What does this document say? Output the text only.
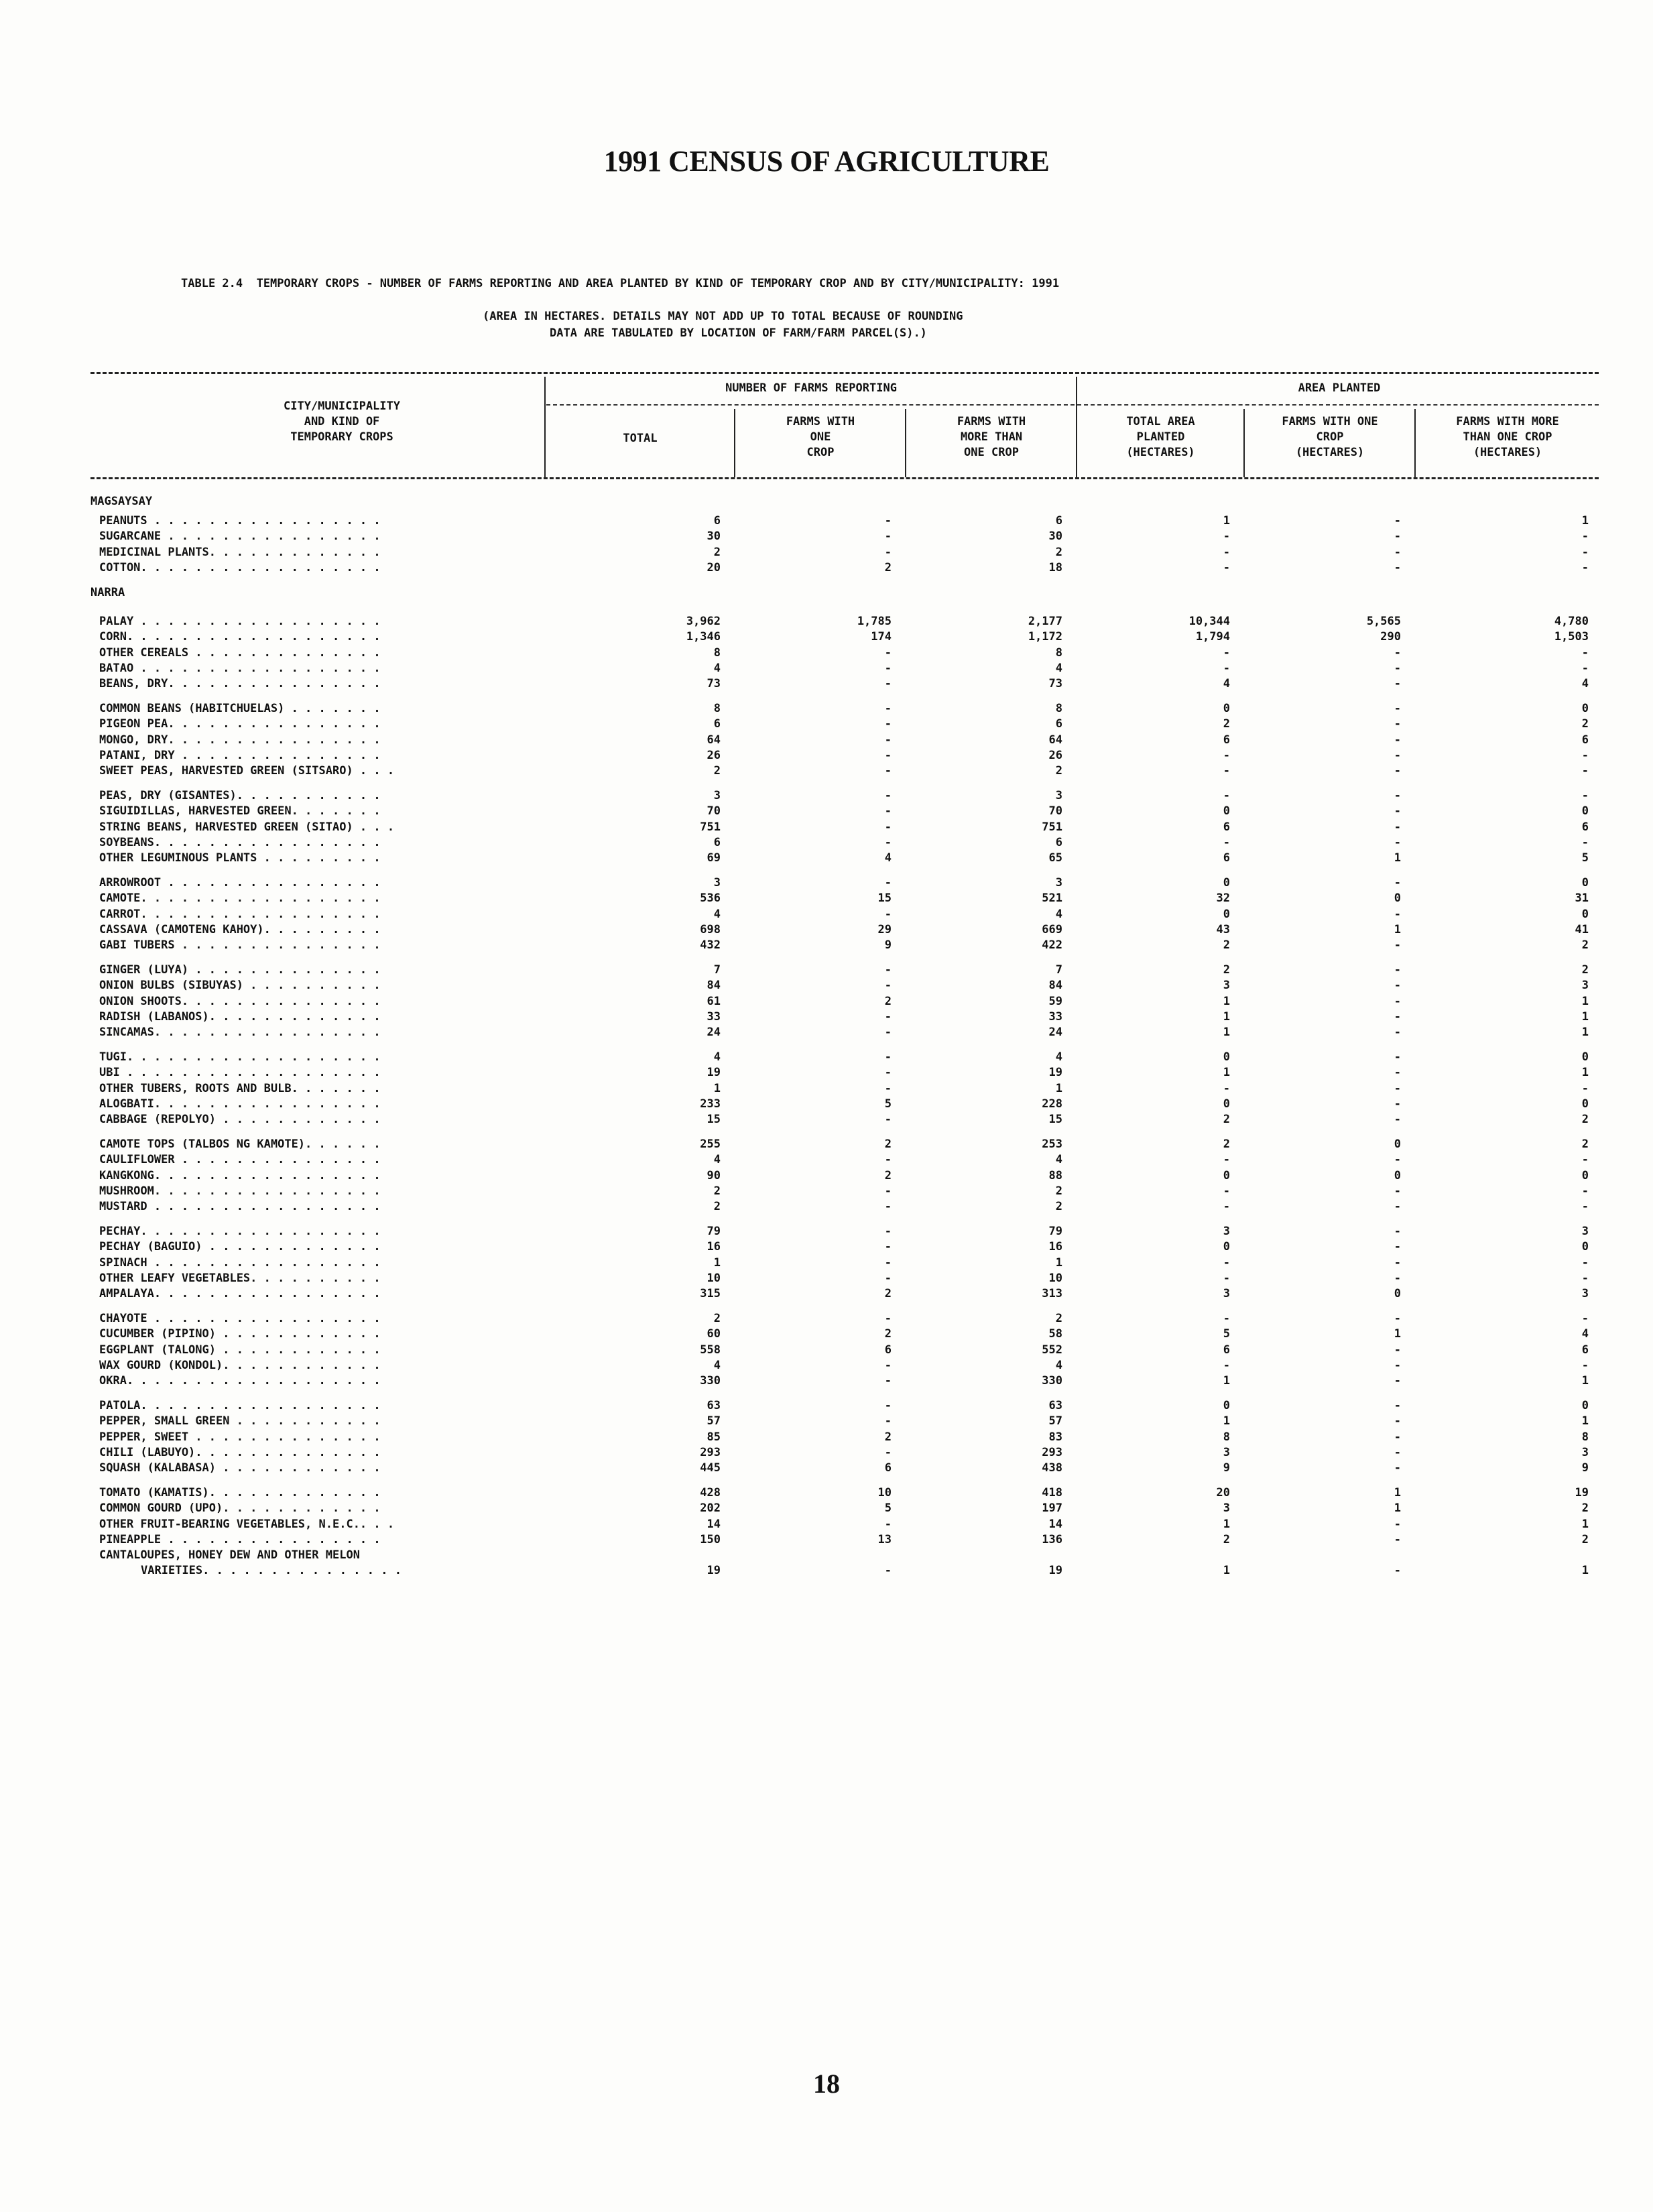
1991 CENSUS OF AGRICULTURE
TABLE 2.4  TEMPORARY CROPS - NUMBER OF FARMS REPORTING AND AREA PLANTED BY KIND OF TEMPORARY CROP AND BY CITY/MUNICIPALITY: 1991
(AREA IN HECTARES. DETAILS MAY NOT ADD UP TO TOTAL BECAUSE OF ROUNDING
DATA ARE TABULATED BY LOCATION OF FARM/FARM PARCEL(S).)
CITY/MUNICIPALITY
AND KIND OF
TEMPORARY CROPS
NUMBER OF FARMS REPORTING	AREA PLANTED
TOTAL
FARMS WITH
ONE
CROP
FARMS WITH
MORE THAN
ONE CROP
TOTAL AREA
PLANTED
(HECTARES)
FARMS WITH ONE
CROP
(HECTARES)
FARMS WITH MORE
THAN ONE CROP
(HECTARES)
MAGSAYSAY
PEANUTS . . . . . . . . . . . . . . . . .	6	-	6	1	-	1
SUGARCANE . . . . . . . . . . . . . . . .	30	-	30	-	-	-
MEDICINAL PLANTS. . . . . . . . . . . . .	2	-	2	-	-	-
COTTON. . . . . . . . . . . . . . . . . .	20	2	18	-	-	-
NARRA
PALAY . . . . . . . . . . . . . . . . . .	3,962	1,785	2,177	10,344	5,565	4,780
CORN. . . . . . . . . . . . . . . . . . .	1,346	174	1,172	1,794	290	1,503
OTHER CEREALS . . . . . . . . . . . . . .	8	-	8	-	-	-
BATAO . . . . . . . . . . . . . . . . . .	4	-	4	-	-	-
BEANS, DRY. . . . . . . . . . . . . . . .	73	-	73	4	-	4
COMMON BEANS (HABITCHUELAS) . . . . . . .	8	-	8	0	-	0
PIGEON PEA. . . . . . . . . . . . . . . .	6	-	6	2	-	2
MONGO, DRY. . . . . . . . . . . . . . . .	64	-	64	6	-	6
PATANI, DRY . . . . . . . . . . . . . . .	26	-	26	-	-	-
SWEET PEAS, HARVESTED GREEN (SITSARO) . . .	2	-	2	-	-	-
PEAS, DRY (GISANTES). . . . . . . . . . .	3	-	3	-	-	-
SIGUIDILLAS, HARVESTED GREEN. . . . . . .	70	-	70	0	-	0
STRING BEANS, HARVESTED GREEN (SITAO) . . .	751	-	751	6	-	6
SOYBEANS. . . . . . . . . . . . . . . . .	6	-	6	-	-	-
OTHER LEGUMINOUS PLANTS . . . . . . . . .	69	4	65	6	1	5
ARROWROOT . . . . . . . . . . . . . . . .	3	-	3	0	-	0
CAMOTE. . . . . . . . . . . . . . . . . .	536	15	521	32	0	31
CARROT. . . . . . . . . . . . . . . . . .	4	-	4	0	-	0
CASSAVA (CAMOTENG KAHOY). . . . . . . . .	698	29	669	43	1	41
GABI TUBERS . . . . . . . . . . . . . . .	432	9	422	2	-	2
GINGER (LUYA) . . . . . . . . . . . . . .	7	-	7	2	-	2
ONION BULBS (SIBUYAS) . . . . . . . . . .	84	-	84	3	-	3
ONION SHOOTS. . . . . . . . . . . . . . .	61	2	59	1	-	1
RADISH (LABANOS). . . . . . . . . . . . .	33	-	33	1	-	1
SINCAMAS. . . . . . . . . . . . . . . . .	24	-	24	1	-	1
TUGI. . . . . . . . . . . . . . . . . . .	4	-	4	0	-	0
UBI . . . . . . . . . . . . . . . . . . .	19	-	19	1	-	1
OTHER TUBERS, ROOTS AND BULB. . . . . . .	1	-	1	-	-	-
ALOGBATI. . . . . . . . . . . . . . . . .	233	5	228	0	-	0
CABBAGE (REPOLYO) . . . . . . . . . . . .	15	-	15	2	-	2
CAMOTE TOPS (TALBOS NG KAMOTE). . . . . .	255	2	253	2	0	2
CAULIFLOWER . . . . . . . . . . . . . . .	4	-	4	-	-	-
KANGKONG. . . . . . . . . . . . . . . . .	90	2	88	0	0	0
MUSHROOM. . . . . . . . . . . . . . . . .	2	-	2	-	-	-
MUSTARD . . . . . . . . . . . . . . . . .	2	-	2	-	-	-
PECHAY. . . . . . . . . . . . . . . . . .	79	-	79	3	-	3
PECHAY (BAGUIO) . . . . . . . . . . . . .	16	-	16	0	-	0
SPINACH . . . . . . . . . . . . . . . . .	1	-	1	-	-	-
OTHER LEAFY VEGETABLES. . . . . . . . . .	10	-	10	-	-	-
AMPALAYA. . . . . . . . . . . . . . . . .	315	2	313	3	0	3
CHAYOTE . . . . . . . . . . . . . . . . .	2	-	2	-	-	-
CUCUMBER (PIPINO) . . . . . . . . . . . .	60	2	58	5	1	4
EGGPLANT (TALONG) . . . . . . . . . . . .	558	6	552	6	-	6
WAX GOURD (KONDOL). . . . . . . . . . . .	4	-	4	-	-	-
OKRA. . . . . . . . . . . . . . . . . . .	330	-	330	1	-	1
PATOLA. . . . . . . . . . . . . . . . . .	63	-	63	0	-	0
PEPPER, SMALL GREEN . . . . . . . . . . .	57	-	57	1	-	1
PEPPER, SWEET . . . . . . . . . . . . . .	85	2	83	8	-	8
CHILI (LABUYO). . . . . . . . . . . . . .	293	-	293	3	-	3
SQUASH (KALABASA) . . . . . . . . . . . .	445	6	438	9	-	9
TOMATO (KAMATIS). . . . . . . . . . . . .	428	10	418	20	1	19
COMMON GOURD (UPO). . . . . . . . . . . .	202	5	197	3	1	2
OTHER FRUIT-BEARING VEGETABLES, N.E.C.. . .	14	-	14	1	-	1
PINEAPPLE . . . . . . . . . . . . . . . .	150	13	136	2	-	2
CANTALOUPES, HONEY DEW AND OTHER MELON
VARIETIES. . . . . . . . . . . . . . .	19	-	19	1	-	1
18
